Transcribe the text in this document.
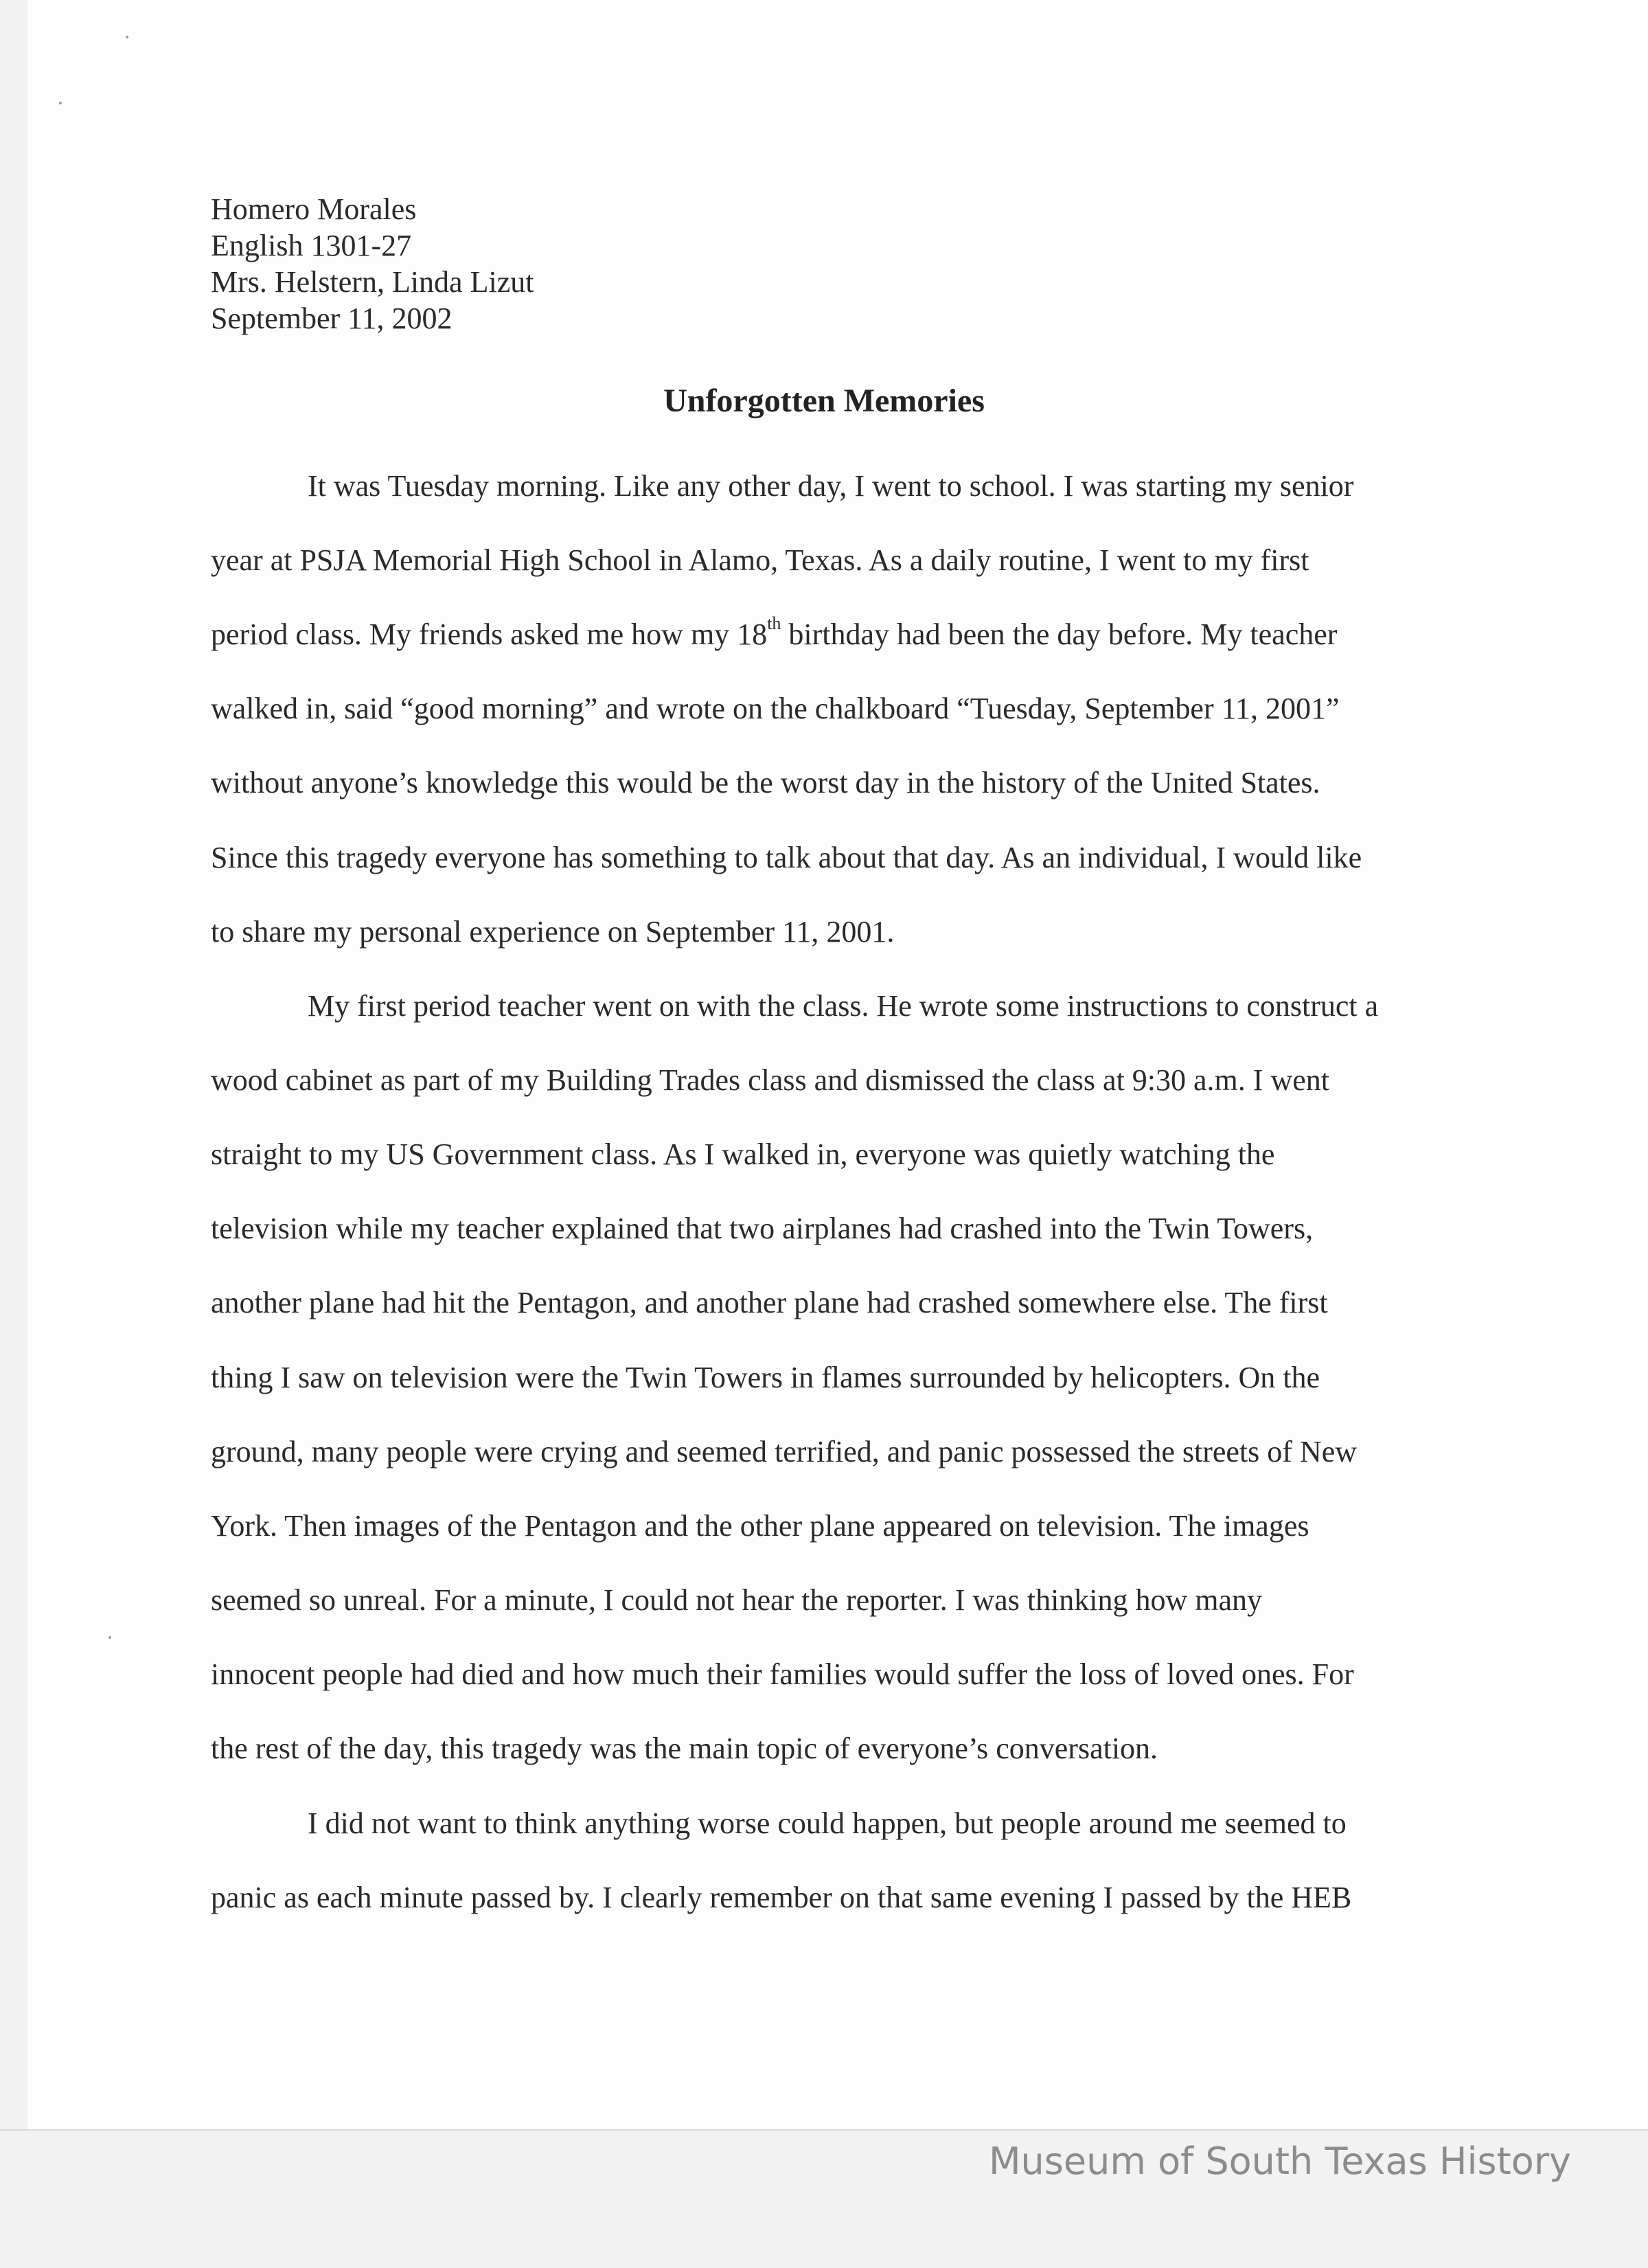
Homero Morales
English 1301-27
Mrs. Helstern, Linda Lizut
September 11, 2002
Unforgotten Memories
It was Tuesday morning. Like any other day, I went to school. I was starting my senior
year at PSJA Memorial High School in Alamo, Texas. As a daily routine, I went to my first
period class. My friends asked me how my 18th birthday had been the day before. My teacher
walked in, said “good morning” and wrote on the chalkboard “Tuesday, September 11, 2001”
without anyone’s knowledge this would be the worst day in the history of the United States.
Since this tragedy everyone has something to talk about that day. As an individual, I would like
to share my personal experience on September 11, 2001.
My first period teacher went on with the class. He wrote some instructions to construct a
wood cabinet as part of my Building Trades class and dismissed the class at 9:30 a.m. I went
straight to my US Government class. As I walked in, everyone was quietly watching the
television while my teacher explained that two airplanes had crashed into the Twin Towers,
another plane had hit the Pentagon, and another plane had crashed somewhere else. The first
thing I saw on television were the Twin Towers in flames surrounded by helicopters. On the
ground, many people were crying and seemed terrified, and panic possessed the streets of New
York. Then images of the Pentagon and the other plane appeared on television. The images
seemed so unreal. For a minute, I could not hear the reporter. I was thinking how many
innocent people had died and how much their families would suffer the loss of loved ones. For
the rest of the day, this tragedy was the main topic of everyone’s conversation.
I did not want to think anything worse could happen, but people around me seemed to
panic as each minute passed by. I clearly remember on that same evening I passed by the HEB
Museum of South Texas History
